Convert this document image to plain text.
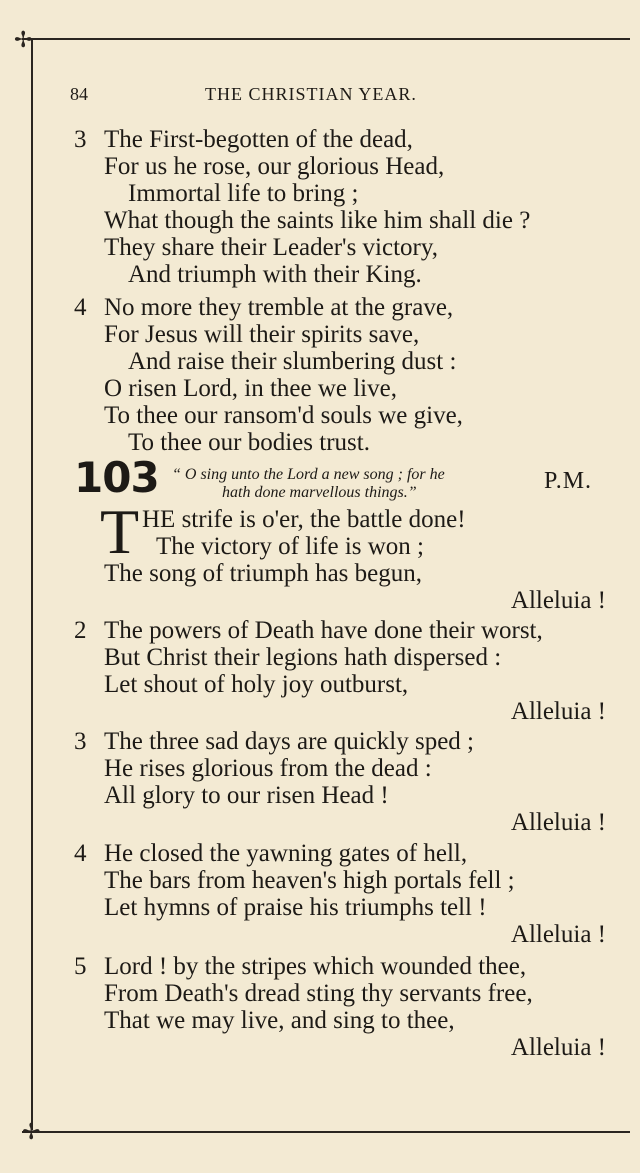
✢
✢
84	THE CHRISTIAN YEAR.
3 The First-begotten of the dead,
For us he rose, our glorious Head,
Immortal life to bring ;
What though the saints like him shall die ?
They share their Leader's victory,
And triumph with their King.
4 No more they tremble at the grave,
For Jesus will their spirits save,
And raise their slumbering dust :
O risen Lord, in thee we live,
To thee our ransom'd souls we give,
To thee our bodies trust.
103 “ O sing unto the Lord a new song ; for he
hath done marvellous things.”	P.M.
T HE strife is o'er, the battle done!
The victory of life is won ;
The song of triumph has begun,
Alleluia !
2 The powers of Death have done their worst,
But Christ their legions hath dispersed :
Let shout of holy joy outburst,
Alleluia !
3 The three sad days are quickly sped ;
He rises glorious from the dead :
All glory to our risen Head !
Alleluia !
4 He closed the yawning gates of hell,
The bars from heaven's high portals fell ;
Let hymns of praise his triumphs tell !
Alleluia !
5 Lord ! by the stripes which wounded thee,
From Death's dread sting thy servants free,
That we may live, and sing to thee,
Alleluia !
